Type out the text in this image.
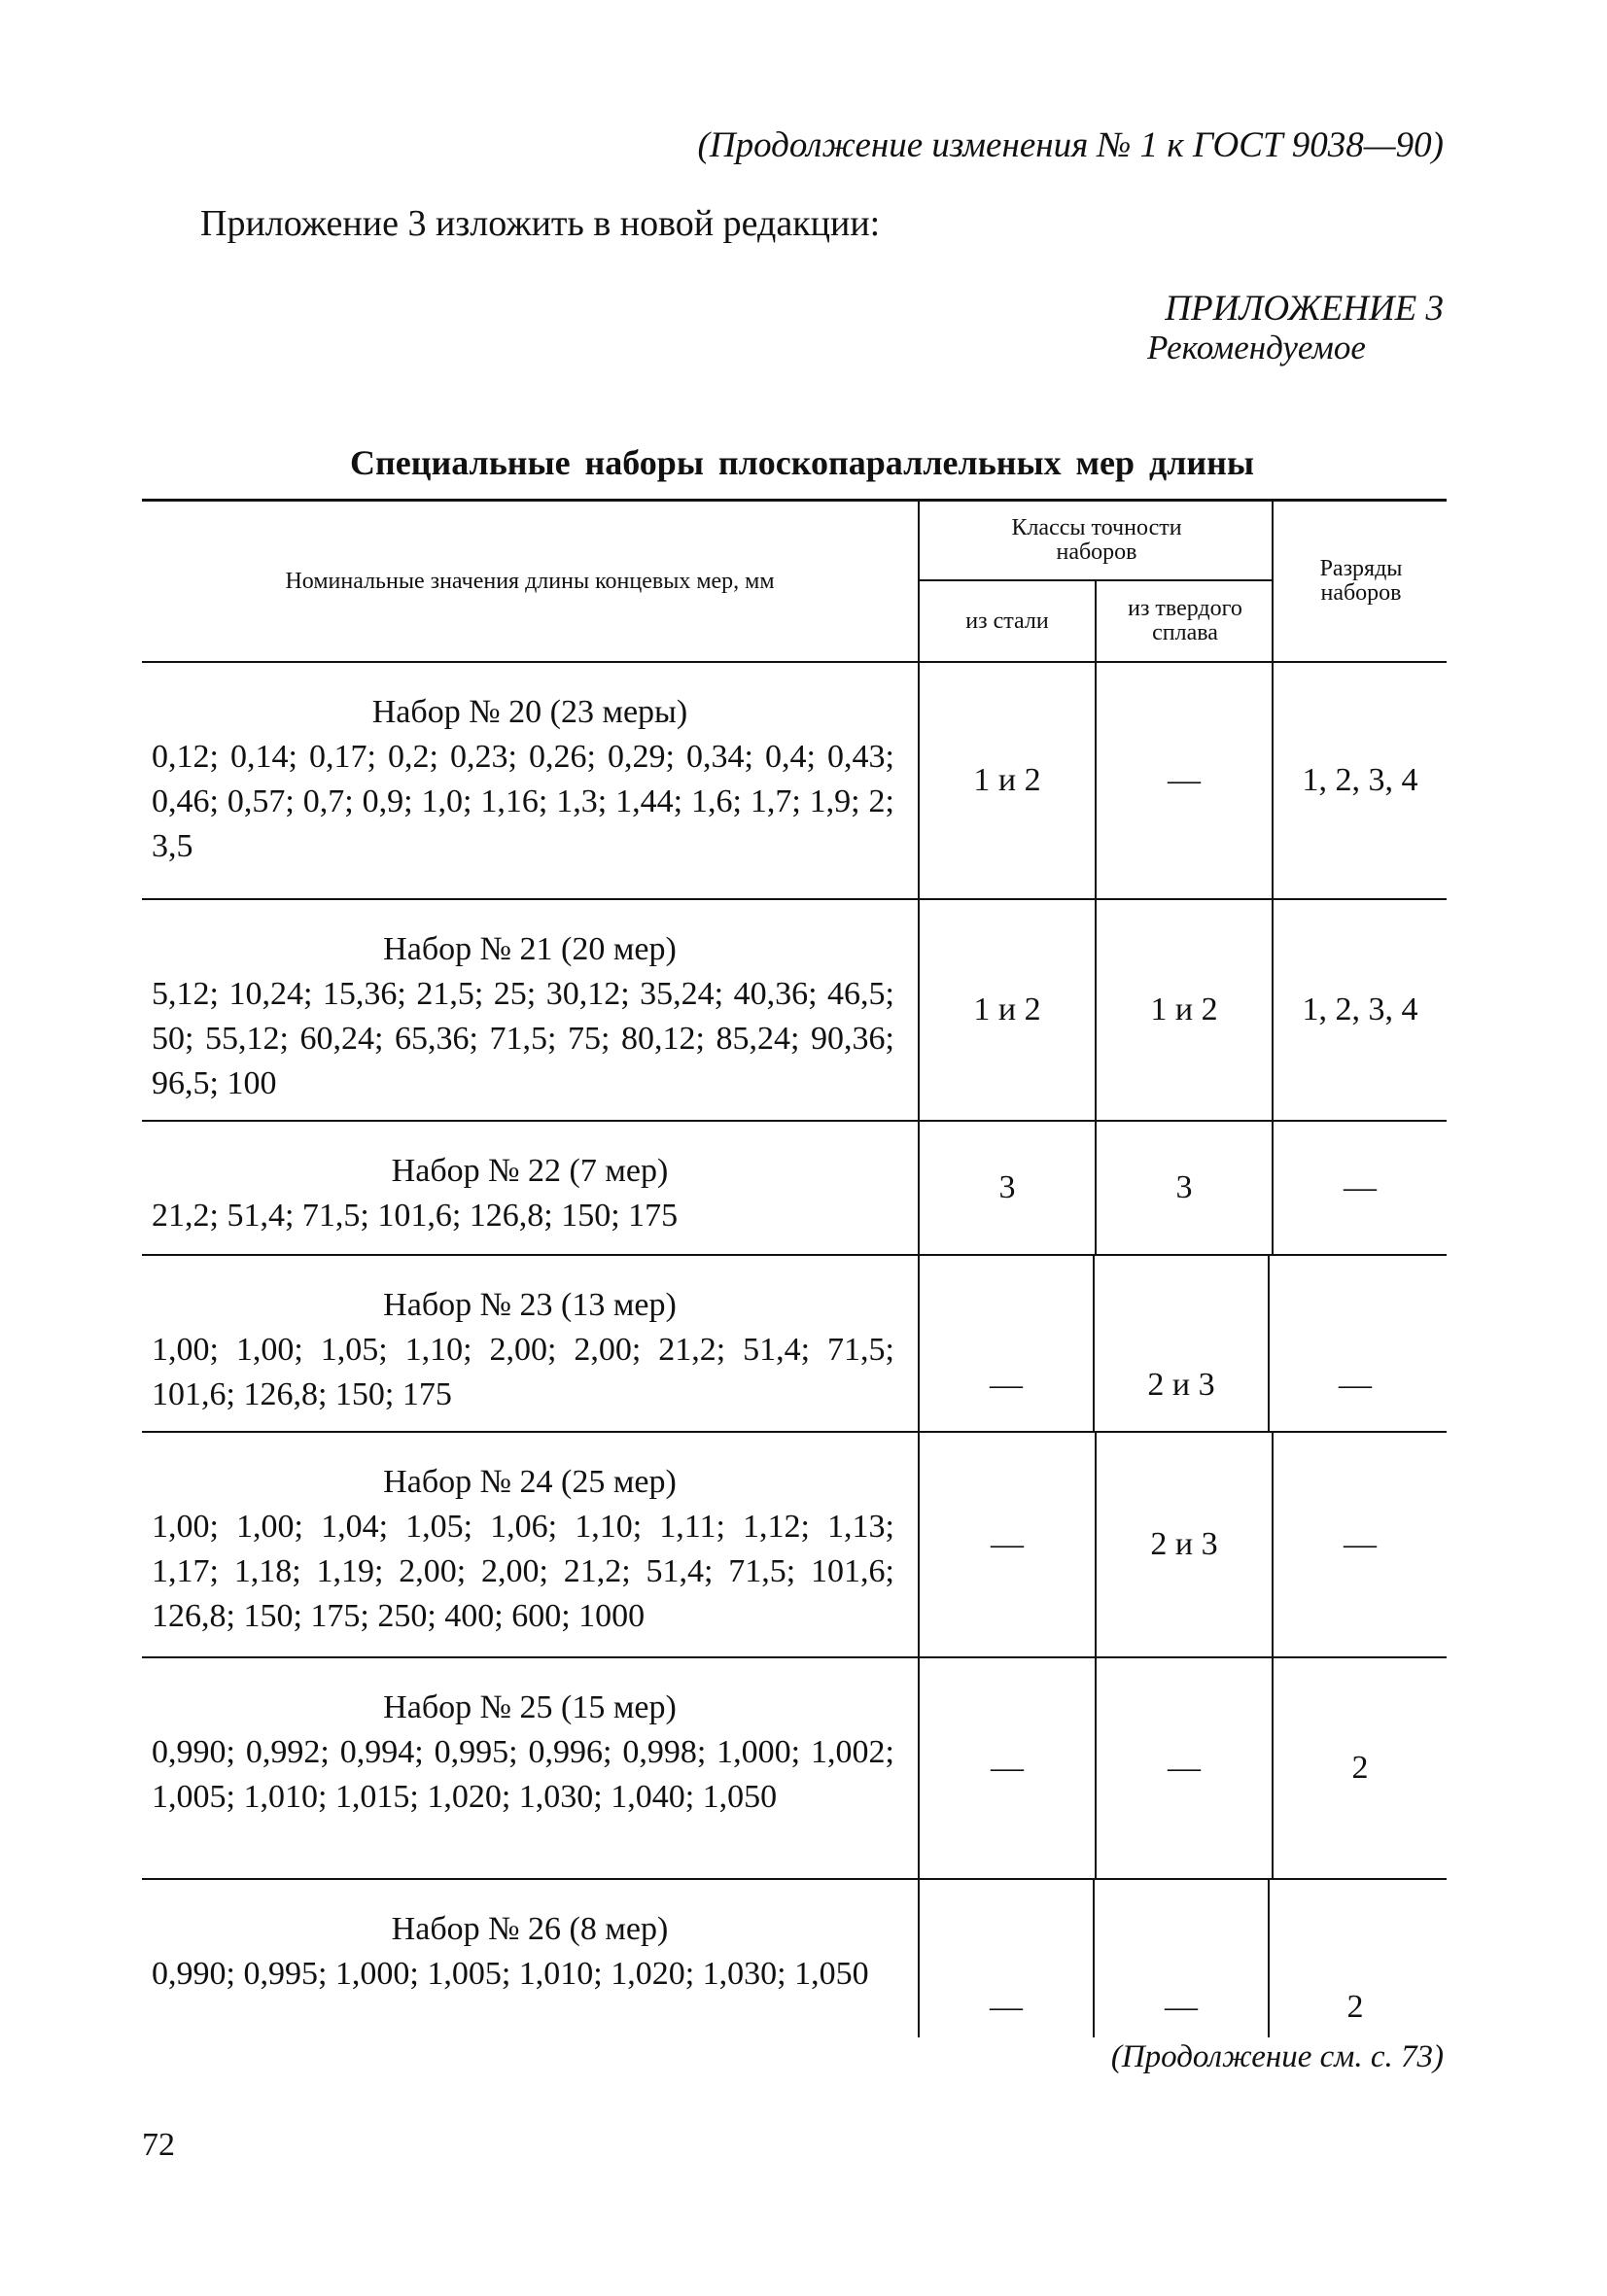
(Продолжение изменения № 1 к ГОСТ 9038—90)
Приложение 3 изложить в новой редакции:
ПРИЛОЖЕНИЕ 3
Рекомендуемое
Специальные наборы плоскопараллельных мер длины
Номинальные значения длины концевых мер, мм
Классы точности
наборов
из стали	из твердого
сплава
Разряды
наборов
Набор № 20 (23 меры)
0,12; 0,14; 0,17; 0,2; 0,23; 0,26; 0,29; 0,34; 0,4; 0,43; 0,46; 0,57; 0,7; 0,9; 1,0; 1,16; 1,3; 1,44; 1,6; 1,7; 1,9; 2; 3,5
1 и 2	—	1, 2, 3, 4
Набор № 21 (20 мер)
5,12; 10,24; 15,36; 21,5; 25; 30,12; 35,24; 40,36; 46,5; 50; 55,12; 60,24; 65,36; 71,5; 75; 80,12; 85,24; 90,36; 96,5; 100
1 и 2	1 и 2	1, 2, 3, 4
Набор № 22 (7 мер)
21,2; 51,4; 71,5; 101,6; 126,8; 150; 175
3	3	—
Набор № 23 (13 мер)
1,00; 1,00; 1,05; 1,10; 2,00; 2,00; 21,2; 51,4; 71,5; 101,6; 126,8; 150; 175	—	2 и 3	—
Набор № 24 (25 мер)
1,00; 1,00; 1,04; 1,05; 1,06; 1,10; 1,11; 1,12; 1,13; 1,17; 1,18; 1,19; 2,00; 2,00; 21,2; 51,4; 71,5; 101,6; 126,8; 150; 175; 250; 400; 600; 1000
—	2 и 3	—
Набор № 25 (15 мер)
0,990; 0,992; 0,994; 0,995; 0,996; 0,998; 1,000; 1,002; 1,005; 1,010; 1,015; 1,020; 1,030; 1,040; 1,050
—	—	2
Набор № 26 (8 мер)
0,990; 0,995; 1,000; 1,005; 1,010; 1,020; 1,030; 1,050
—	—	2
(Продолжение см. с. 73)
72
